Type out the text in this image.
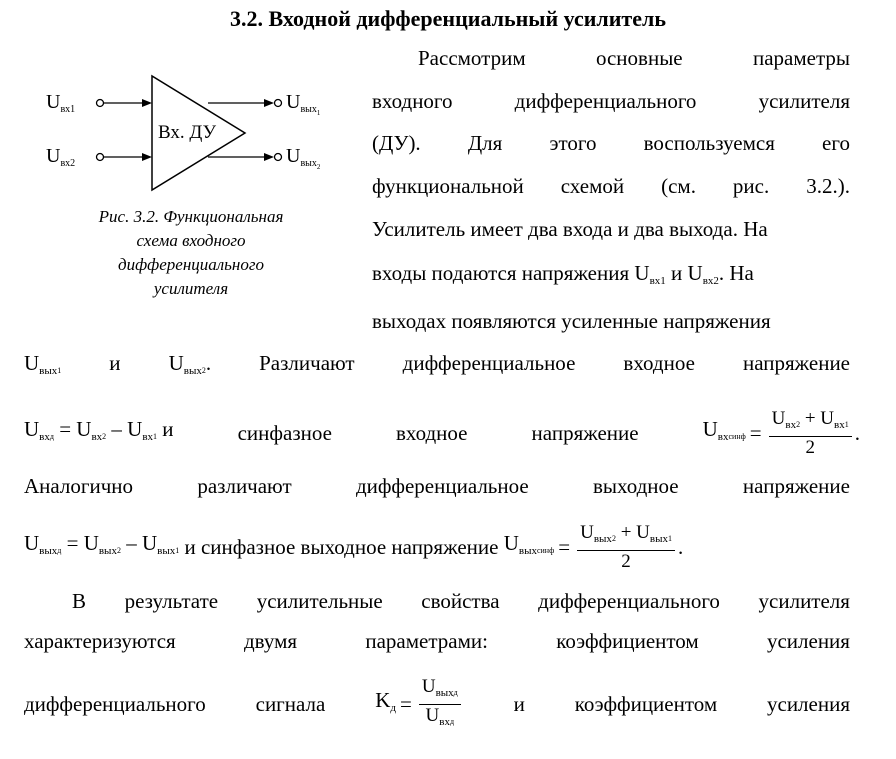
3.2. Входной дифференциальный усилитель
Вх. ДУ
$U_{вх1}$
$U_{вх2}$
$U_{вых}1$
$U_{вых}2$
Рис. 3.2. Функциональная
схема входного
дифференциального
усилителя
Рассмотрим	основные	параметры
входного	дифференциального	усилителя
(ДУ). Для этого воспользуемся его
функциональной схемой (см. рис. 3.2.).
Усилитель имеет два входа и два выхода. На
входы подаются напряжения
$U_{вх1}$
и
$U_{вх2}$ . На
выходах появляются усиленные напряжения
$U_{вых}1$ и $U_{вых}2$. Различают дифференциальное входное напряжение
$U_{вх}д = U_{вх}2 - U_{вх}1$ и	синфазное	входное	напряжение	$U_{вх}синф = \frac{U_{вх}2 + U_{вх}1}{2}$ .
Аналогично	различают	дифференциальное	выходное	напряжение
$U_{вых}д = U_{вых}2 - U_{вых}1$
и синфазное выходное напряжение
$U_{вых}синф = \frac{U_{вых}2 + U_{вых}1}{2}$ .
В результате усилительные свойства дифференциального усилителя
характеризуются	двумя	параметрами:	коэффициентом	усиления
дифференциального сигнала $K_д = \frac{U_{вых}д}{U_{вх}д}$	и коэффициентом усиления
